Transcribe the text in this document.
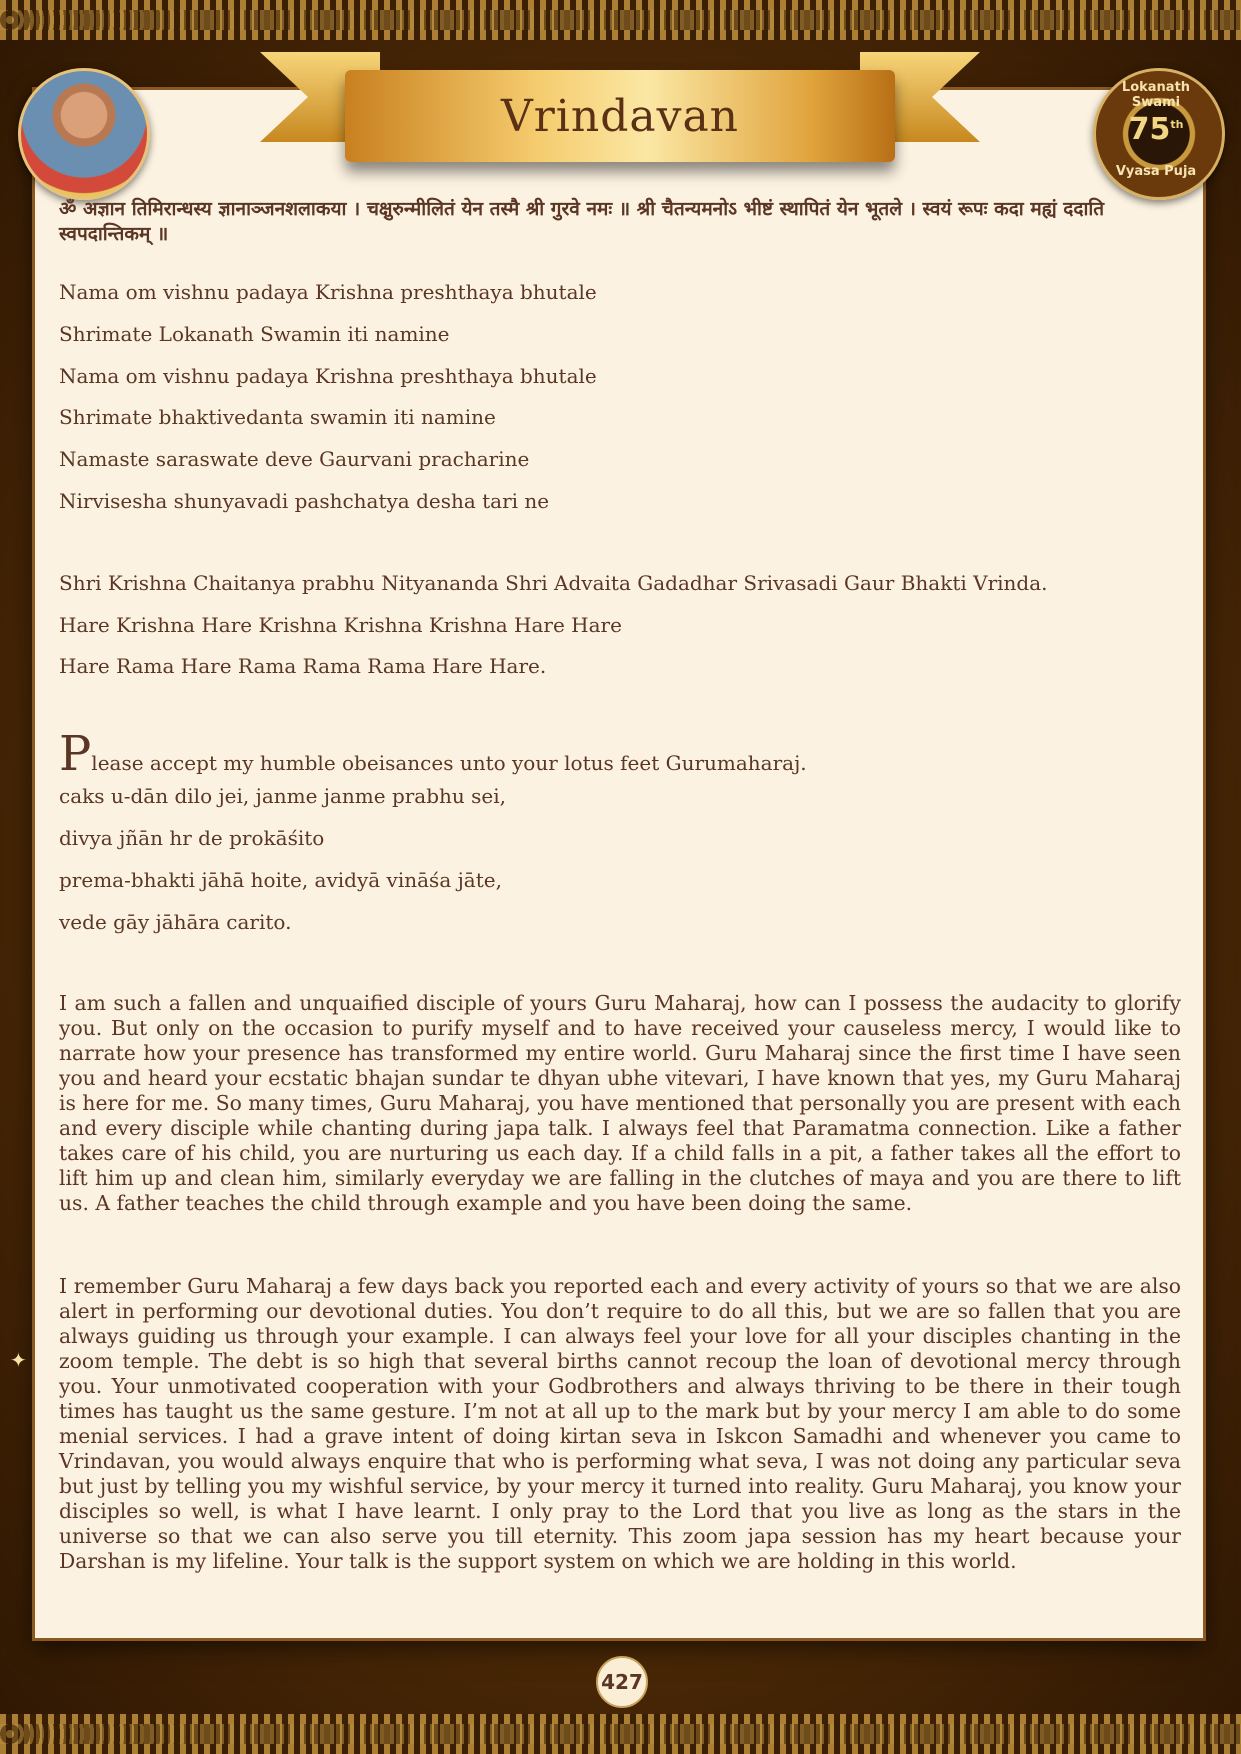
Vrindavan
Lokanath Swami
75th
Vyasa Puja

ॐ अज्ञान तिमिरान्धस्य ज्ञानाञ्जनशलाकया । चक्षुरुन्मीलितं येन तस्मै श्री गुरवे नमः ॥ श्री चैतन्यमनोऽ भीष्टं स्थापितं येन भूतले । स्वयं रूपः कदा मह्यं ददाति स्वपदान्तिकम् ॥

Nama om vishnu padaya Krishna preshthaya bhutale

Shrimate Lokanath Swamin iti namine

Nama om vishnu padaya Krishna preshthaya bhutale

Shrimate bhaktivedanta swamin iti namine

Namaste saraswate deve Gaurvani pracharine

Nirvisesha shunyavadi pashchatya desha tari ne

Shri Krishna Chaitanya prabhu Nityananda Shri Advaita Gadadhar Srivasadi Gaur Bhakti Vrinda.

Hare Krishna Hare Krishna Krishna Krishna Hare Hare

Hare Rama Hare Rama Rama Rama Hare Hare.

Please accept my humble obeisances unto your lotus feet Gurumaharaj.

caks u-dān dilo jei, janme janme prabhu sei,

divya jñān hr de prokāśito

prema-bhakti jāhā hoite, avidyā vināśa jāte,

vede gāy jāhāra carito.

I am such a fallen and unquaified disciple of yours Guru Maharaj, how can I possess the audacity to glorify you. But only on the occasion to purify myself and to have received your causeless mercy, I would like to narrate how your presence has transformed my entire world. Guru Maharaj since the first time I have seen you and heard your ecstatic bhajan sundar te dhyan ubhe vitevari, I have known that yes, my Guru Maharaj is here for me. So many times, Guru Maharaj, you have mentioned that personally you are present with each and every disciple while chanting during japa talk. I always feel that Paramatma connection. Like a father takes care of his child, you are nurturing us each day. If a child falls in a pit, a father takes all the effort to lift him up and clean him, similarly everyday we are falling in the clutches of maya and you are there to lift us. A father teaches the child through example and you have been doing the same.

I remember Guru Maharaj a few days back you reported each and every activity of yours so that we are also alert in performing our devotional duties. You don’t require to do all this, but we are so fallen that you are always guiding us through your example. I can always feel your love for all your disciples chanting in the zoom temple. The debt is so high that several births cannot recoup the loan of devotional mercy through you. Your unmotivated cooperation with your Godbrothers and always thriving to be there in their tough times has taught us the same gesture. I’m not at all up to the mark but by your mercy I am able to do some menial services. I had a grave intent of doing kirtan seva in Iskcon Samadhi and whenever you came to Vrindavan, you would always enquire that who is performing what seva, I was not doing any particular seva but just by telling you my wishful service, by your mercy it turned into reality. Guru Maharaj, you know your disciples so well, is what I have learnt. I only pray to the Lord that you live as long as the stars in the universe so that we can also serve you till eternity. This zoom japa session has my heart because your Darshan is my lifeline. Your talk is the support system on which we are holding in this world.

✦
427
